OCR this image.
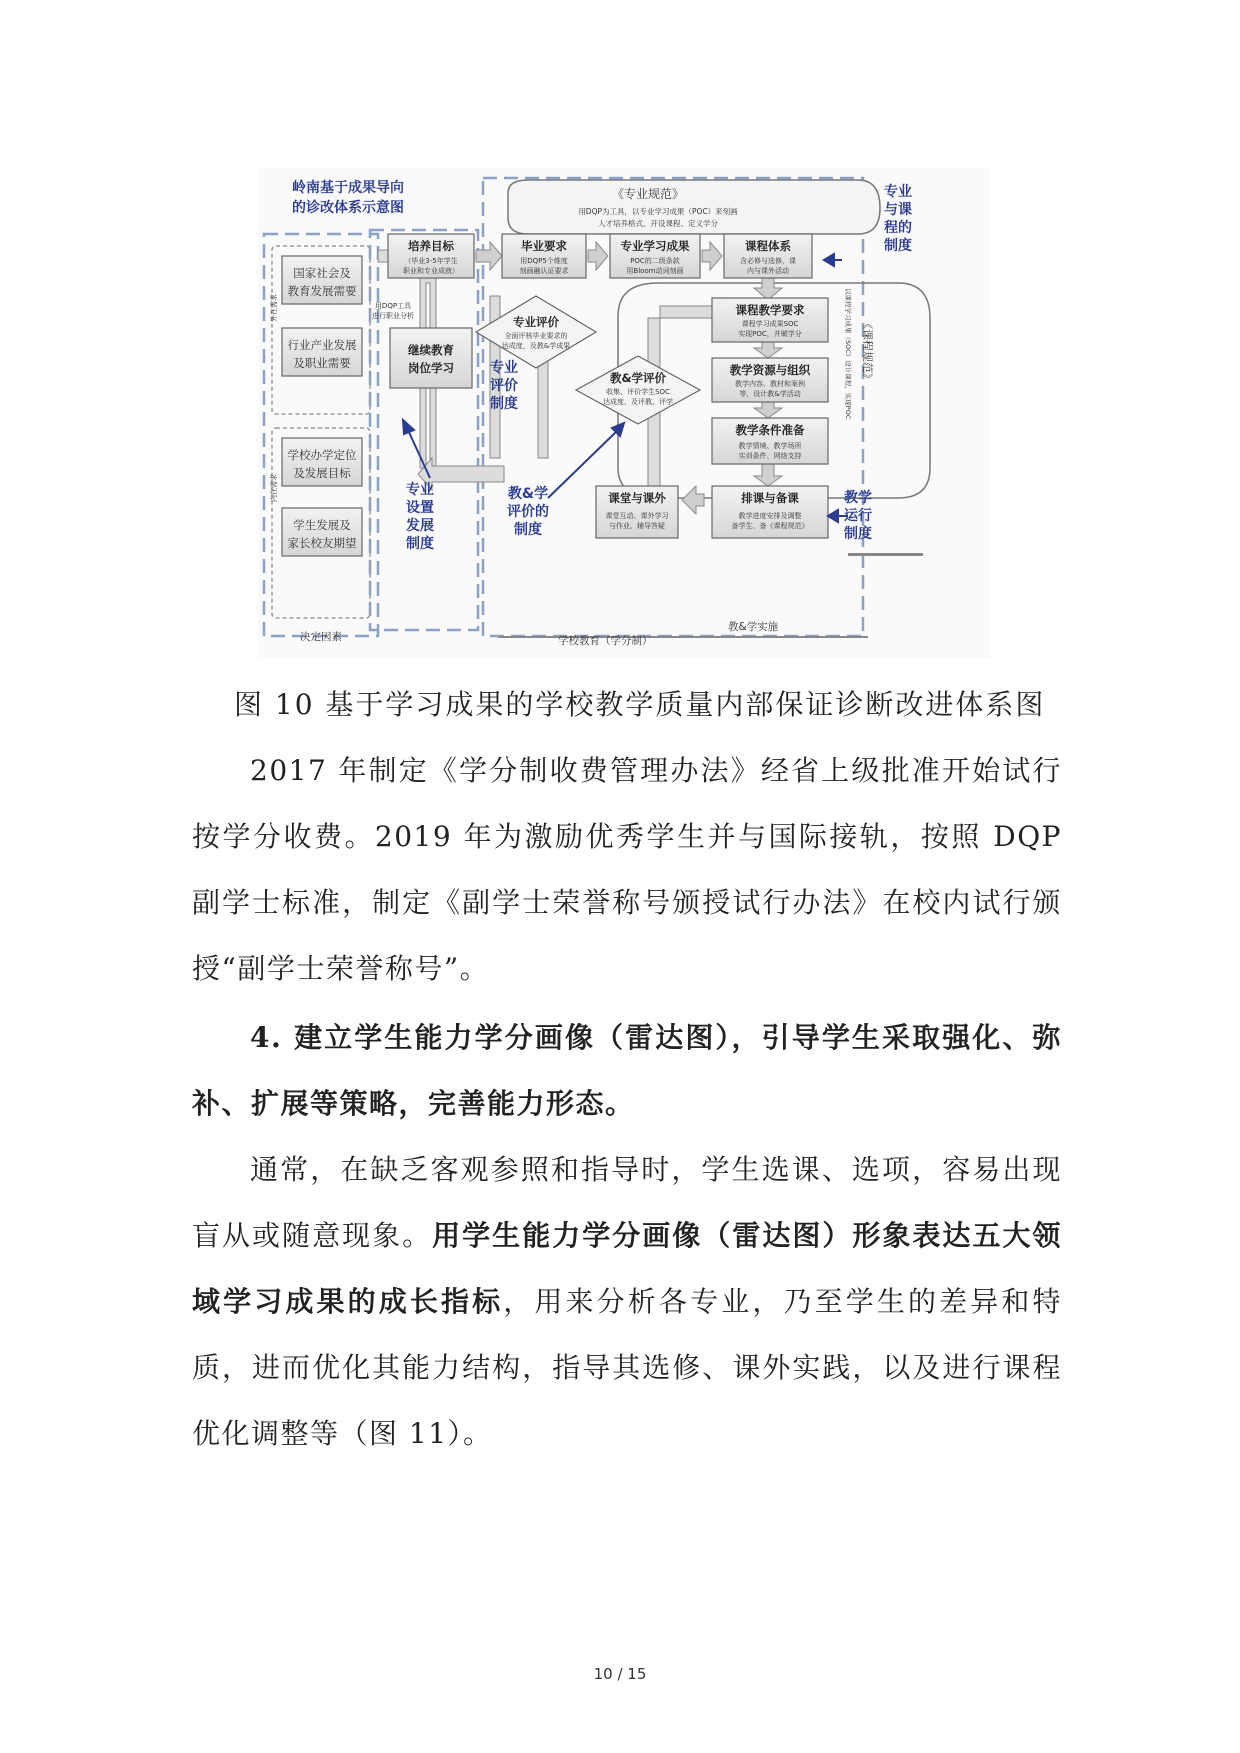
岭南基于成果导向
的诊改体系示意图
《专业规范》
用DQP为工具，以专业学习成果（POC）来刻画
人才培养格式、开设课程、定义学分
专业
与课
程的
制度
专业
评价
制度
教&学
评价的
制度
专业
设置
发展
制度
教学
运行
制度
国家社会及
教育发展需要
行业产业发展
及职业需要
学校办学定位
及发展目标
学生发展及
家长校友期望
外在需求
内在需求
用DQP工具
进行职业分析
决定因素
培养目标
继续教育
岗位学习
毕业要求	专业学习成果	课程体系
专业评价
课程教学要求
教学资源与组织
教学条件准备
教&学评价
课堂与课外	排课与备课
（毕业3-5年学生
职业和专业成就）
用DQP5个维度
刻画融认证要求
POC的二级条款
用Bloom动词刻画
含必修与选修，课
内与课外活动
全面评核毕业要求的
达成度，及教&学成果
课程学习成果SOC
实现POC，并赋学分
教学内容、教材和案例
等，设计教&学活动
教学情境、教学场所
实训条件、网络支持
收集、评价学生SOC
达成度，及评教、评学
课堂互动、课外学习
与作业，辅导答疑
教学进度安排及调整
备学生、备《课程规范》
《课程规范》
以课程学习成果（SOC）设计课程，实现POC
学校教育（学分制）
教&学实施
图 10 基于学习成果的学校教学质量内部保证诊断改进体系图

2017 年制定《学分制收费管理办法》经省上级批准开始试行按学分收费。2019 年为激励优秀学生并与国际接轨，按照 DQP 副学士标准，制定《副学士荣誉称号颁授试行办法》在校内试行颁授“副学士荣誉称号”。

4. 建立学生能力学分画像（雷达图），引导学生采取强化、弥补、扩展等策略，完善能力形态。

通常，在缺乏客观参照和指导时，学生选课、选项，容易出现盲从或随意现象。用学生能力学分画像（雷达图）形象表达五大领域学习成果的成长指标，用来分析各专业，乃至学生的差异和特质，进而优化其能力结构，指导其选修、课外实践，以及进行课程优化调整等（图 11）。

10 / 15
